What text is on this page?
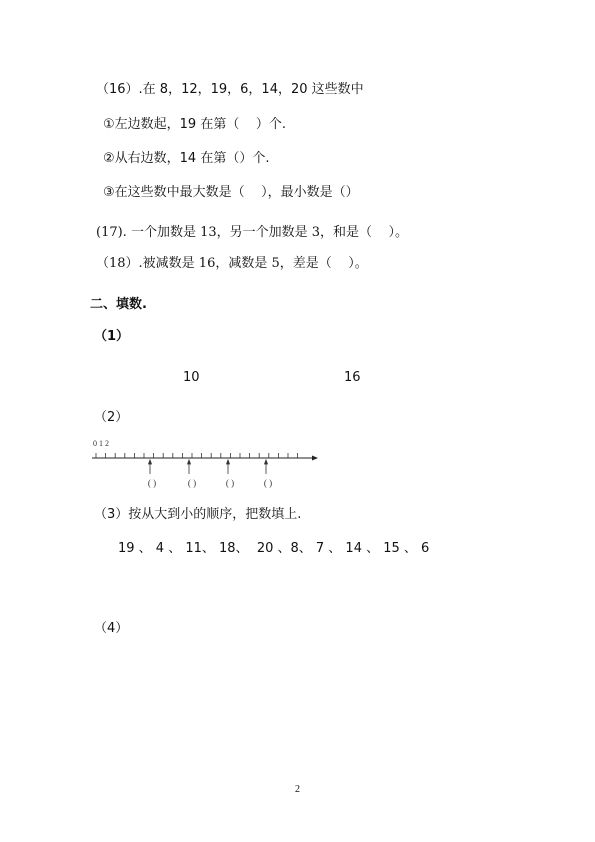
（16）.在 8，12，19，6，14，20 这些数中
①左边数起，19 在第（    ）个.
②从右边数，14 在第（）个.
③在这些数中最大数是（    ），最小数是（）
(17). 一个加数是 13，另一个加数是 3，和是（    ）。
（18）.被减数是 16，减数是 5，差是（    ）。
二、填数.
（1）
10	16
（2）
0 1 2
( )	( )	( )	( )
（3）按从大到小的顺序，把数填上.
19 、 4 、 11、 18、  20 、8、 7 、 14 、 15 、 6
（4）
2
